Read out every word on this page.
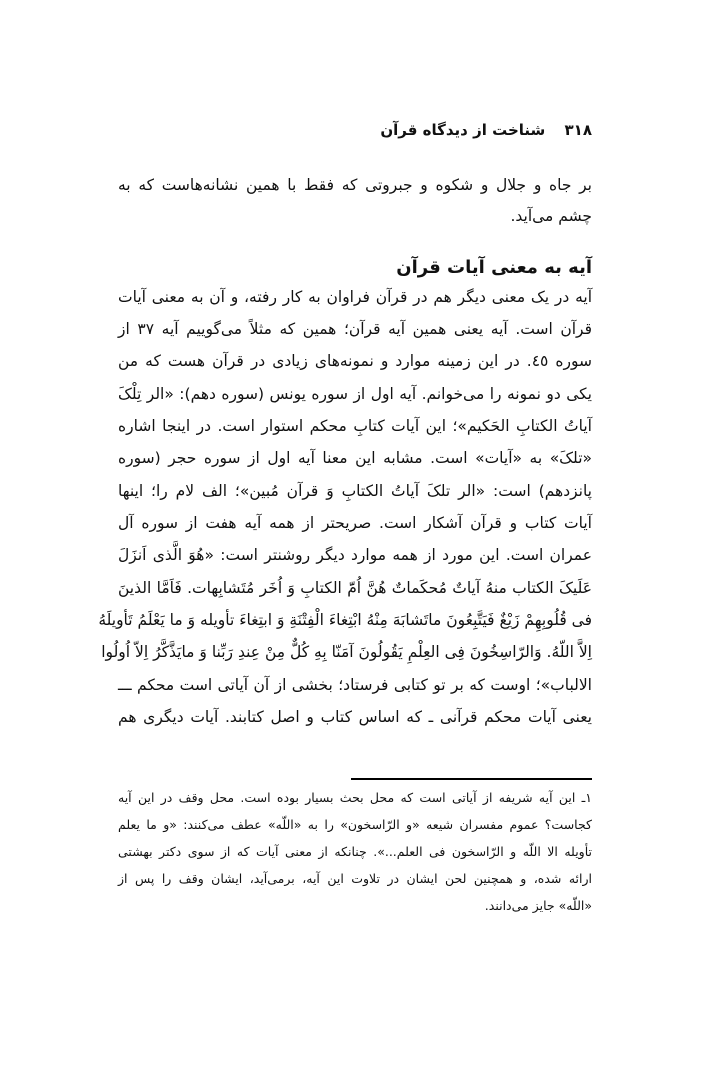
۳۱۸ شناخت از دیدگاه قرآن
بر جاه و جلال و شکوه و جبروتی که فقط با همین نشانه‌هاست که به
چشم می‌آید.
آیه به معنی آیات قرآن
آیه در یک معنی دیگر هم در قرآن فراوان به کار رفته، و آن به معنی آیات
قرآن است. آیه یعنی همین آیه قرآن؛ همین که مثلاً می‌گوییم آیه ۳۷ از
سوره ٤٥. در این زمینه موارد و نمونه‌های زیادی در قرآن هست که من
یکی دو نمونه را می‌خوانم. آیه اول از سوره یونس (سوره دهم): «الر تِلْکَ
آیاتُ الکتابِ الحَکیم»؛ این آیات کتابِ محکم استوار است. در اینجا اشاره
«تلکَ» به «آیات» است. مشابه این معنا آیه اول از سوره حجر (سوره
پانزدهم) است: «الر تلکَ آیاتُ الکتابِ وَ قرآن مُبین»؛ الف لام را؛ اینها
آیات کتاب و قرآن آشکار است. صریحتر از همه آیه هفت از سوره آل
عمران است. این مورد از همه موارد دیگر روشنتر است: «هُوَ الَّذی اَنزَلَ
عَلَیکَ الکتاب منهُ آیاتٌ مُحکَماتٌ هُنَّ اُمّ‌َ الکتابِ وَ اُخَر مُتَشابِهات. فَاَمَّا الذینَ
فی قُلُوبِهِمْ زَیْغٌ فَیَتَّبِعُونَ ماتَشابَهَ مِنْهُ ابْتِغاءَ الْفِتْنَةِ وَ ابتِغاءَ تأویله وَ ما یَعْلَمُ تَأویلَهُ
اِلاَّ اللّهُ. وَالرّاسِخُونَ فِی العِلْمِ یَقُولُونَ آمَنّا بِهِ کُلٌّ مِنْ عِندِ رَبِّنا وَ مایَذَّکَّرُ اِلاّ اُولُوا
الالباب»؛ اوست که بر تو کتابی فرستاد؛ بخشی از آن آیاتی است محکم ـــ
یعنی آیات محکم قرآنی ـ که اساس کتاب و اصل کتابند. آیات دیگری هم
۱ـ این آیه شریفه از آیاتی است که محل بحث بسیار بوده است. محل وقف در این آیه
کجاست؟ عموم مفسران شیعه «و الرّاسخون» را به «اللّه» عطف می‌کنند: «و ما یعلم
تأویله الا اللّه و الرّاسخون فی العلم...». چنانکه از معنی آیات که از سوی دکتر بهشتی
ارائه شده، و همچنین لحن ایشان در تلاوت این آیه، برمی‌آید، ایشان وقف را پس از
«اللّه» جایز می‌دانند.
